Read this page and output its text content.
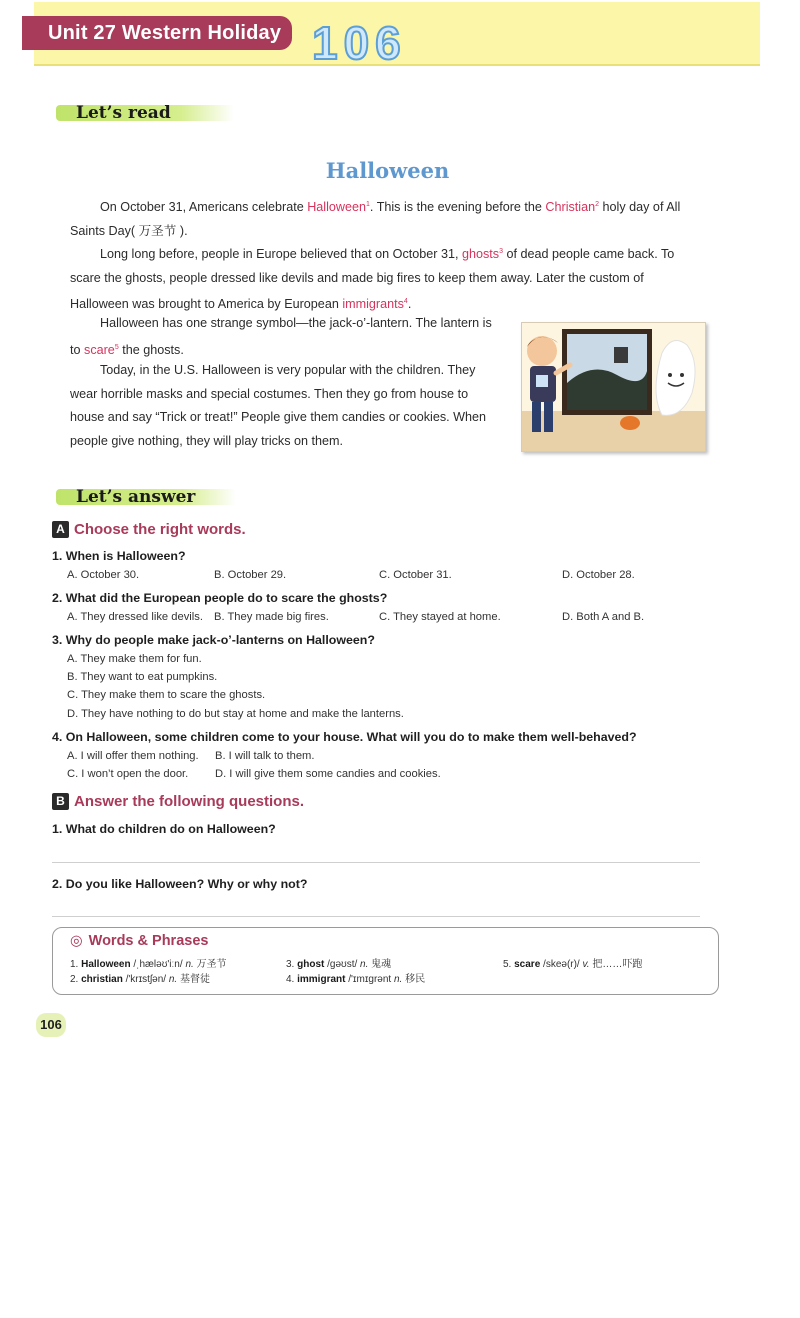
Unit 27 Western Holiday 106
Let’s read
Halloween
On October 31, Americans celebrate Halloween$^1$. This is the evening before the Christian$^2$ holy day of All Saints Day( 万圣节 ).
Long long before, people in Europe believed that on October 31, ghosts$^3$ of dead people came back. To scare the ghosts, people dressed like devils and made big fires to keep them away. Later the custom of Halloween was brought to America by European immigrants$^4$.
Halloween has one strange symbol—the jack-o’-lantern. The lantern is to scare$^5$ the ghosts.
Today, in the U.S. Halloween is very popular with the children. They wear horrible masks and special costumes. Then they go from house to house and say “Trick or treat!” People give them candies or cookies. When people give nothing, they will play tricks on them.
Let’s answer
A Choose the right words.
1. When is Halloween?
A. October 30.	B. October 29.	C. October 31.	D. October 28.
2. What did the European people do to scare the ghosts?
A. They dressed like devils. B. They made big fires.	C. They stayed at home.	D. Both A and B.
3. Why do people make jack-o’-lanterns on Halloween?
A. They make them for fun.
B. They want to eat pumpkins.
C. They make them to scare the ghosts.
D. They have nothing to do but stay at home and make the lanterns.
4. On Halloween, some children come to your house. What will you do to make them well-behaved?
A. I will offer them nothing. B. I will talk to them.
C. I won’t open the door. D. I will give them some candies and cookies.
B Answer the following questions.
1. What do children do on Halloween?
2. Do you like Halloween? Why or why not?
◎ Words & Phrases
1. Halloween /ˌhæləʊ'iːn/ n. 万圣节
2. christian /'krɪstʃən/ n. 基督徒
3. ghost /gəʊst/ n. 鬼魂
4. immigrant /'ɪmɪgrənt n. 移民
5. scare /skeə(r)/ v. 把……吓跑
106
